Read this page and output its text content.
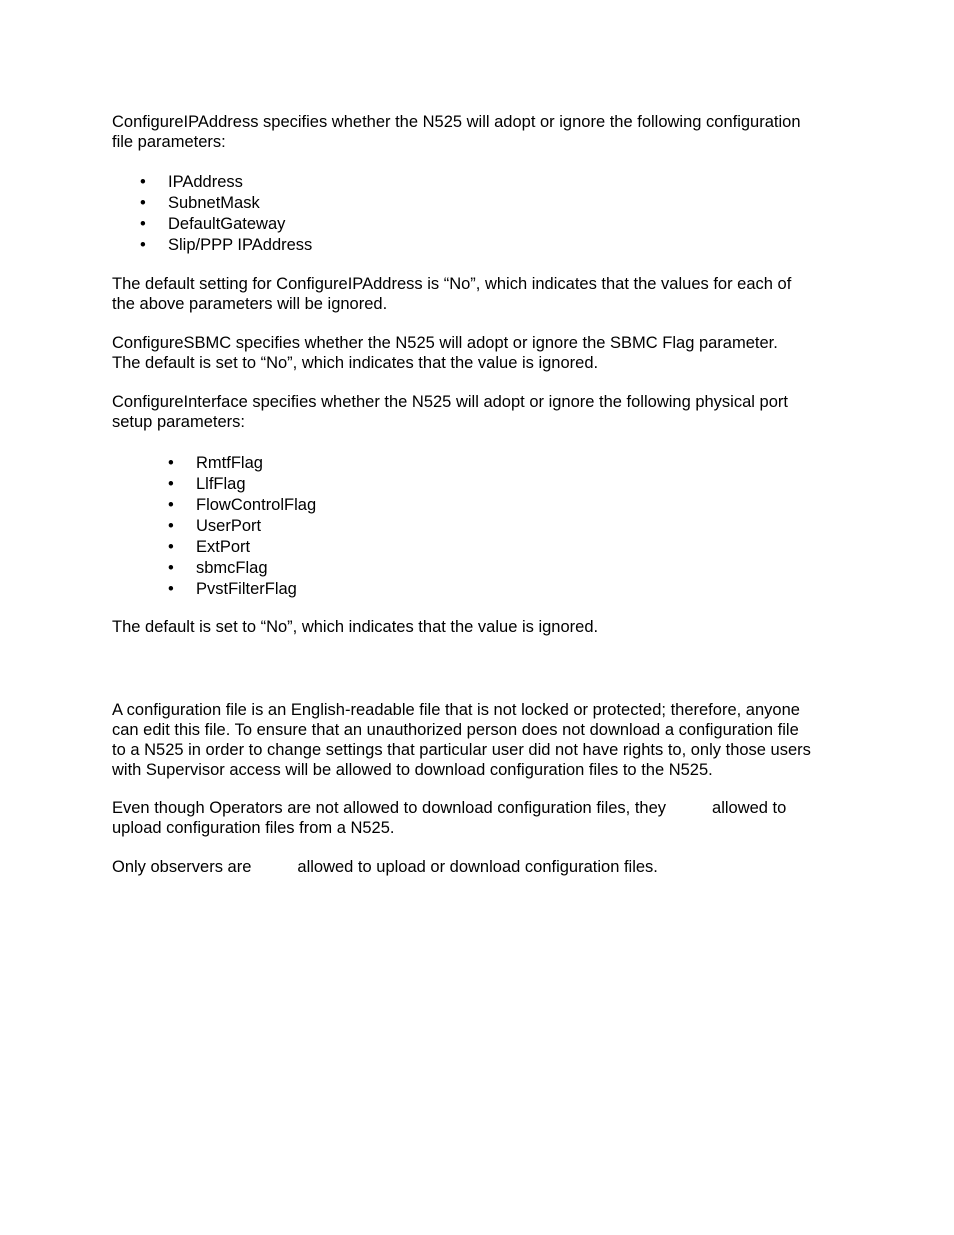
ConfigureIPAddress specifies whether the N525 will adopt or ignore the following configuration
file parameters:
• IPAddress
• SubnetMask
• DefaultGateway
• Slip/PPP IPAddress
The default setting for ConfigureIPAddress is “No”, which indicates that the values for each of
the above parameters will be ignored.
ConfigureSBMC specifies whether the N525 will adopt or ignore the SBMC Flag parameter.
The default is set to “No”, which indicates that the value is ignored.
ConfigureInterface specifies whether the N525 will adopt or ignore the following physical port
setup parameters:
• RmtfFlag
• LlfFlag
• FlowControlFlag
• UserPort
• ExtPort
• sbmcFlag
• PvstFilterFlag
The default is set to “No”, which indicates that the value is ignored.
A configuration file is an English-readable file that is not locked or protected; therefore, anyone
can edit this file. To ensure that an unauthorized person does not download a configuration file
to a N525 in order to change settings that particular user did not have rights to, only those users
with Supervisor access will be allowed to download configuration files to the N525.
Even though Operators are not allowed to download configuration files, they	allowed to
upload configuration files from a N525.
Only observers are	allowed to upload or download configuration files.
